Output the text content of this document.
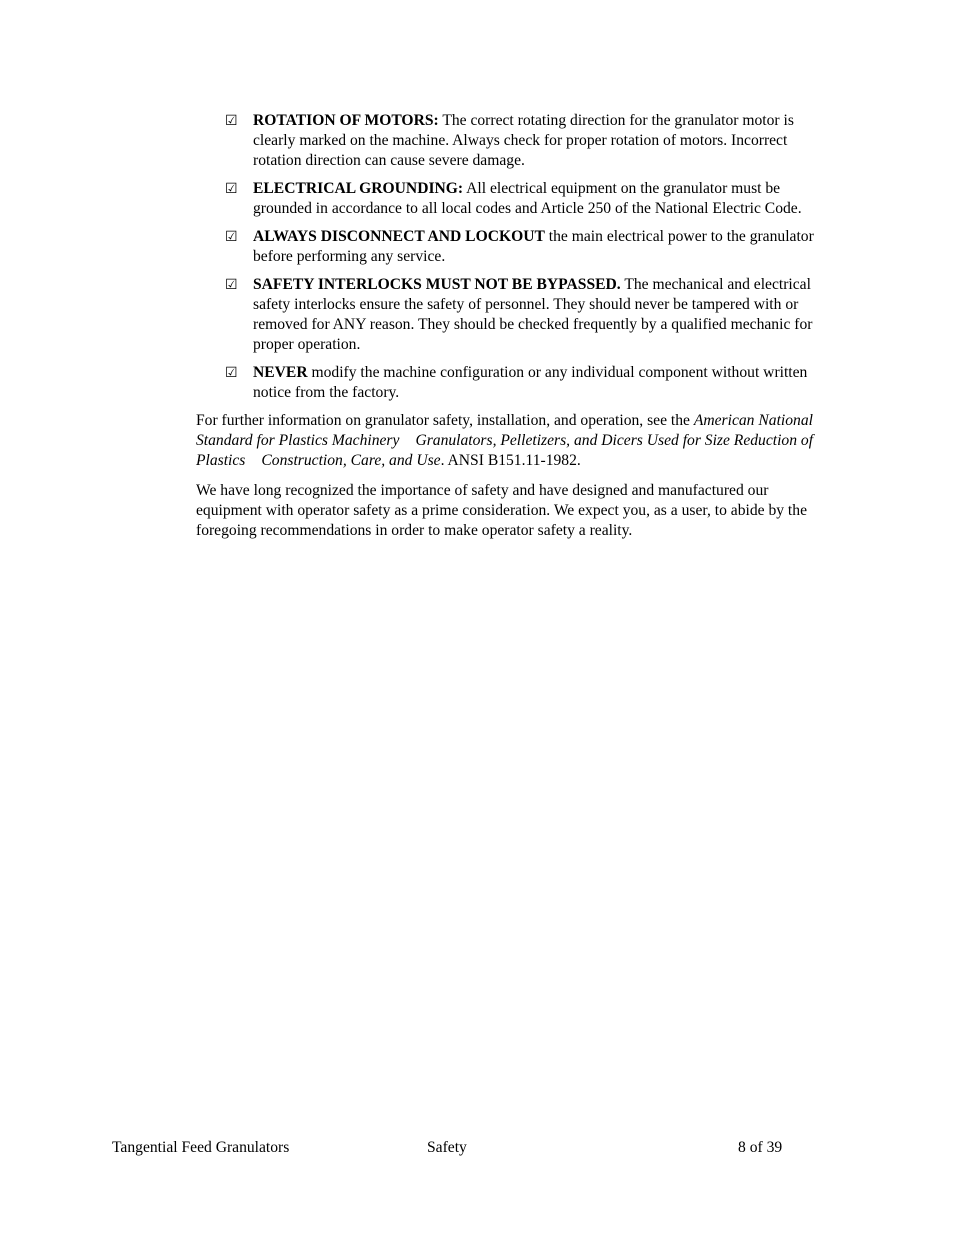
☑ ROTATION OF MOTORS: The correct rotating direction for the granulator motor is clearly marked on the machine. Always check for proper rotation of motors. Incorrect rotation direction can cause severe damage.

☑ ELECTRICAL GROUNDING: All electrical equipment on the granulator must be grounded in accordance to all local codes and Article 250 of the National Electric Code.

☑ ALWAYS DISCONNECT AND LOCKOUT the main electrical power to the granulator before performing any service.

☑ SAFETY INTERLOCKS MUST NOT BE BYPASSED. The mechanical and electrical safety interlocks ensure the safety of personnel. They should never be tampered with or removed for ANY reason. They should be checked frequently by a qualified mechanic for proper operation.

☑ NEVER modify the machine configuration or any individual component without written notice from the factory.

For further information on granulator safety, installation, and operation, see the American National Standard for Plastics Machinery  Granulators, Pelletizers, and Dicers Used for Size Reduction of Plastics  Construction, Care, and Use. ANSI B151.11-1982.

We have long recognized the importance of safety and have designed and manufactured our equipment with operator safety as a prime consideration. We expect you, as a user, to abide by the foregoing recommendations in order to make operator safety a reality.

Tangential Feed Granulators	Safety	8 of 39
